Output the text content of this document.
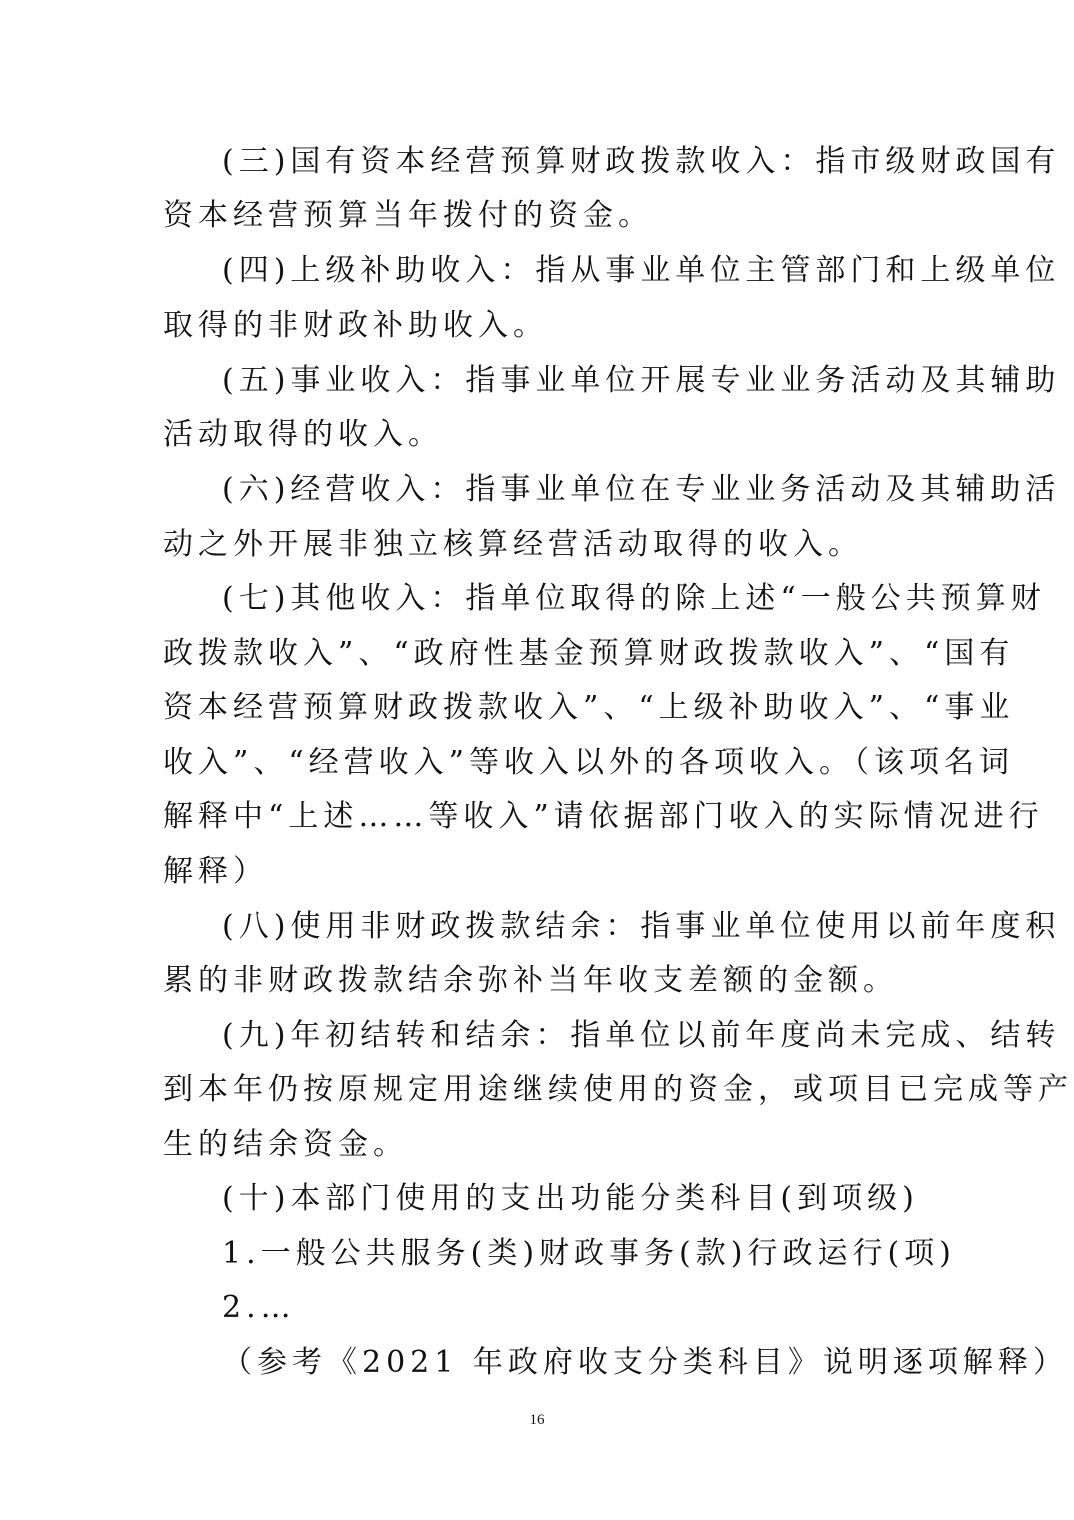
(三)国有资本经营预算财政拨款收入：指市级财政国有
资本经营预算当年拨付的资金。
(四)上级补助收入：指从事业单位主管部门和上级单位
取得的非财政补助收入。
(五)事业收入：指事业单位开展专业业务活动及其辅助
活动取得的收入。
(六)经营收入：指事业单位在专业业务活动及其辅助活
动之外开展非独立核算经营活动取得的收入。
(七)其他收入：指单位取得的除上述“一般公共预算财
政拨款收入”、“政府性基金预算财政拨款收入”、“国有
资本经营预算财政拨款收入”、“上级补助收入”、“事业
收入”、“经营收入”等收入以外的各项收入。（该项名词
解释中“上述……等收入”请依据部门收入的实际情况进行
解释）
(八)使用非财政拨款结余：指事业单位使用以前年度积
累的非财政拨款结余弥补当年收支差额的金额。
(九)年初结转和结余：指单位以前年度尚未完成、结转
到本年仍按原规定用途继续使用的资金，或项目已完成等产
生的结余资金。
(十)本部门使用的支出功能分类科目(到项级)
1.一般公共服务(类)财政事务(款)行政运行(项)
2.…
（参考《2021 年政府收支分类科目》说明逐项解释）
16
